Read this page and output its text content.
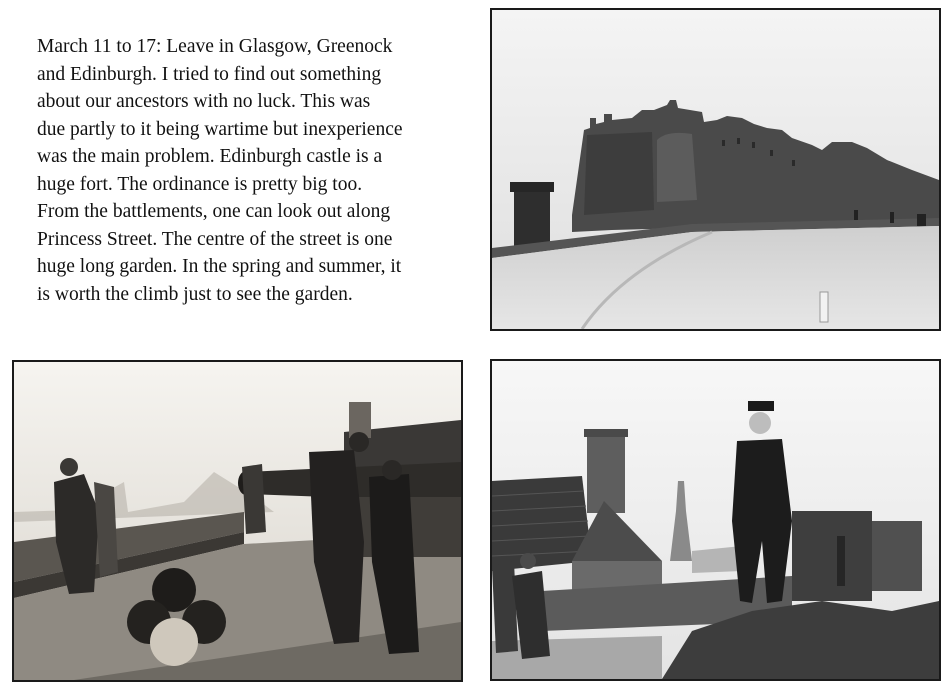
March 11 to 17: Leave in Glasgow, Greenock
and Edinburgh. I tried to find out something
about our ancestors with no luck. This was
due partly to it being wartime but inexperience
was the main problem. Edinburgh castle is a
huge fort. The ordinance is pretty big too.
From the battlements, one can look out along
Princess Street. The centre of the street is one
huge long garden. In the spring and summer, it
is worth the climb just to see the garden.
